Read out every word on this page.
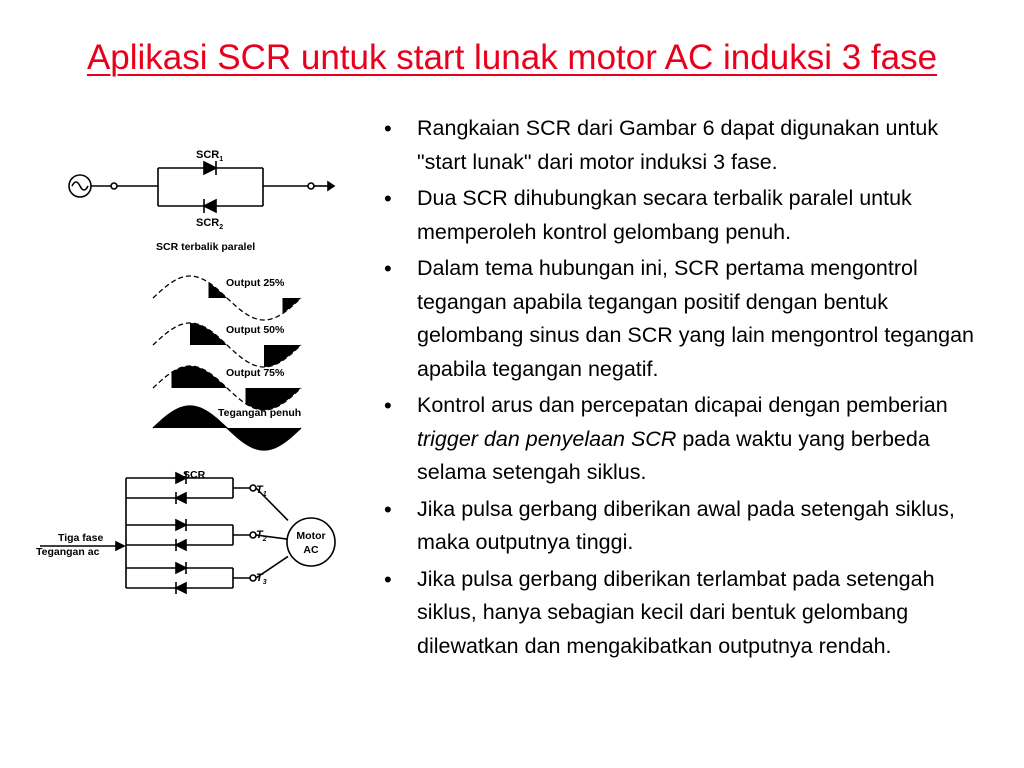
Aplikasi SCR untuk start lunak motor AC induksi 3 fase
$SCR_1$
$SCR_2$
SCR terbalik paralel
Output 25%
Output 50%
Output 75%
Tegangan penuh
SCR
Tiga fase
Tegangan ac
$T_1$
$T_2$
$T_3$
Motor
AC
• Rangkaian SCR dari Gambar 6 dapat digunakan untuk "start lunak" dari motor induksi 3 fase.
• Dua SCR dihubungkan secara terbalik paralel untuk memperoleh kontrol gelombang penuh.
• Dalam tema hubungan ini, SCR pertama mengontrol tegangan apabila tegangan positif dengan bentuk gelombang sinus dan SCR yang lain mengontrol tegangan apabila tegangan negatif.
• Kontrol arus dan percepatan dicapai dengan pemberian trigger dan penyelaan SCR pada waktu yang berbeda selama setengah siklus.
• Jika pulsa gerbang diberikan awal pada setengah siklus, maka outputnya tinggi.
• Jika pulsa gerbang diberikan terlambat pada setengah siklus, hanya sebagian kecil dari bentuk gelombang dilewatkan dan mengakibatkan outputnya rendah.
